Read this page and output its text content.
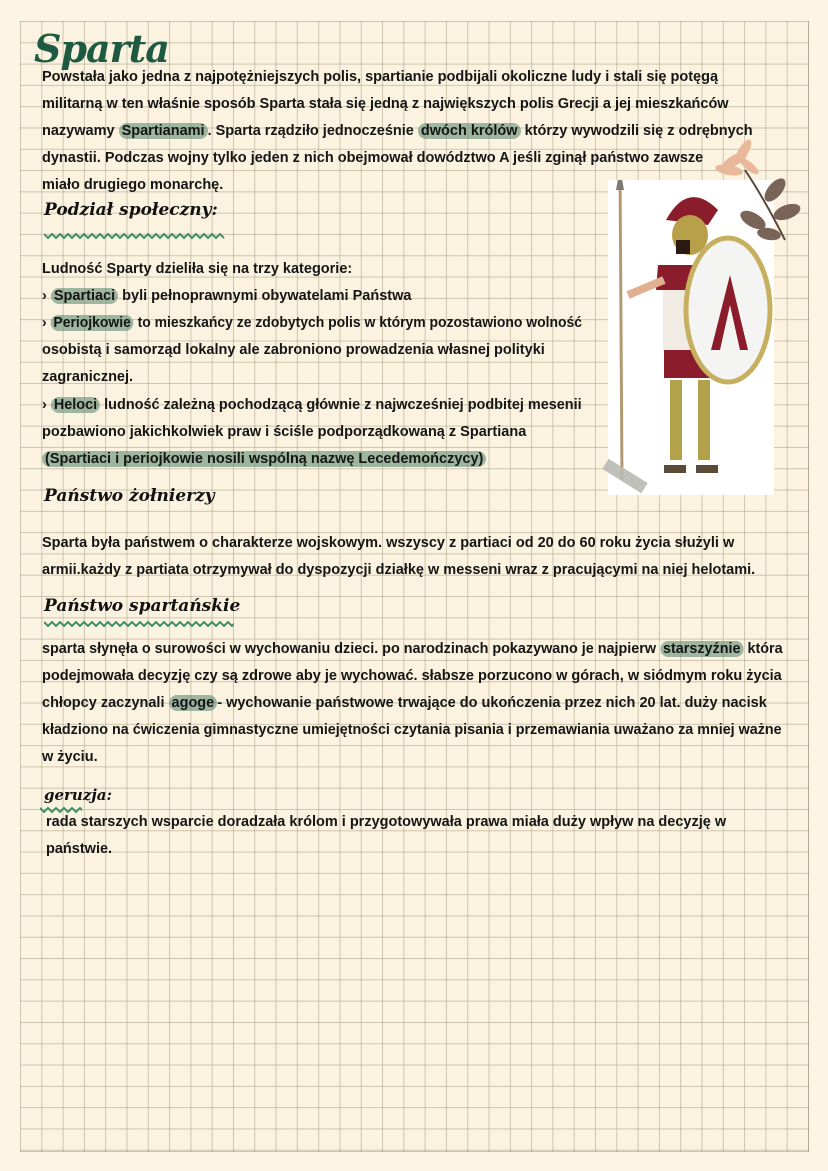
Sparta
Powstała jako jedna z najpotężniejszych polis, spartianie podbijali okoliczne ludy i stali się potęgą
militarną w ten właśnie sposób Sparta stała się jedną z największych polis Grecji a jej mieszkańców
nazywamy Spartianami . Sparta rządziło jednocześnie dwóch królów którzy wywodzili się z odrębnych
dynastii. Podczas wojny tylko jeden z nich obejmował dowództwo A jeśli zginął państwo zawsze
miało drugiego monarchę.
Podział społeczny:
Ludność Sparty dzieliła się na trzy kategorie:
› Spartiaci byli pełnoprawnymi obywatelami Państwa
› Periojkowie to mieszkańcy ze zdobytych polis w którym pozostawiono wolność
osobistą i samorząd lokalny ale zabroniono prowadzenia własnej polityki
zagranicznej.
› Heloci ludność zależną pochodzącą głównie z najwcześniej podbitej mesenii
pozbawiono jakichkolwiek praw i ściśle podporządkowaną z Spartiana
(Spartiaci i periojkowie nosili wspólną nazwę Lecedemończycy)
Państwo żołnierzy
Sparta była państwem o charakterze wojskowym. wszyscy z partiaci od 20 do 60 roku życia służyli w
armii.każdy z partiata otrzymywał do dyspozycji działkę w messeni wraz z pracującymi na niej helotami.
Państwo spartańskie
sparta słynęła o surowości w wychowaniu dzieci. po narodzinach pokazywano je najpierw starszyźnie która
podejmowała decyzję czy są zdrowe aby je wychować. słabsze porzucono w górach, w siódmym roku życia
chłopcy zaczynali agoge - wychowanie państwowe trwające do ukończenia przez nich 20 lat. duży nacisk
kładziono na ćwiczenia gimnastyczne umiejętności czytania pisania i przemawiania uważano za mniej ważne
w życiu.
geruzja:
rada starszych wsparcie doradzała królom i przygotowywała prawa miała duży wpływ na decyzję w
państwie.
